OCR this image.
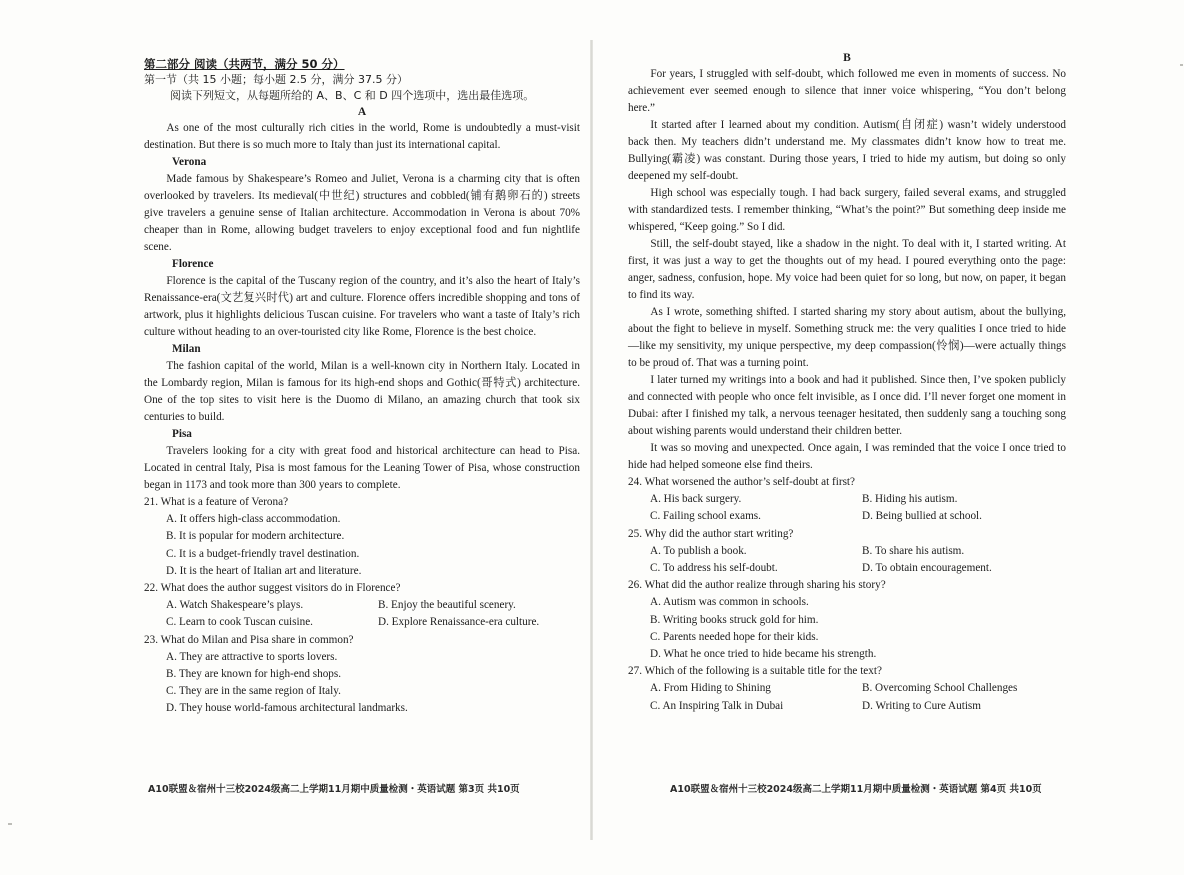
第二部分 阅读（共两节，满分 50 分）
第一节（共 15 小题；每小题 2.5 分，满分 37.5 分）
阅读下列短文，从每题所给的 A、B、C 和 D 四个选项中，选出最佳选项。
A

As one of the most culturally rich cities in the world, Rome is undoubtedly a must-visit destination. But there is so much more to Italy than just its international capital.

Verona

Made famous by Shakespeare’s Romeo and Juliet, Verona is a charming city that is often overlooked by travelers. Its medieval(中世纪) structures and cobbled(铺有鹅卵石的) streets give travelers a genuine sense of Italian architecture. Accommodation in Verona is about 70% cheaper than in Rome, allowing budget travelers to enjoy exceptional food and fun nightlife scene.

Florence

Florence is the capital of the Tuscany region of the country, and it’s also the heart of Italy’s Renaissance-era(文艺复兴时代) art and culture. Florence offers incredible shopping and tons of artwork, plus it highlights delicious Tuscan cuisine. For travelers who want a taste of Italy’s rich culture without heading to an over-touristed city like Rome, Florence is the best choice.

Milan

The fashion capital of the world, Milan is a well-known city in Northern Italy. Located in the Lombardy region, Milan is famous for its high-end shops and Gothic(哥特式) architecture. One of the top sites to visit here is the Duomo di Milano, an amazing church that took six centuries to build.

Pisa

Travelers looking for a city with great food and historical architecture can head to Pisa. Located in central Italy, Pisa is most famous for the Leaning Tower of Pisa, whose construction began in 1173 and took more than 300 years to complete.

21. What is a feature of Verona?
A. It offers high-class accommodation.
B. It is popular for modern architecture.
C. It is a budget-friendly travel destination.
D. It is the heart of Italian art and literature.
22. What does the author suggest visitors do in Florence?
A. Watch Shakespeare’s plays.	B. Enjoy the beautiful scenery.
C. Learn to cook Tuscan cuisine.	D. Explore Renaissance-era culture.
23. What do Milan and Pisa share in common?
A. They are attractive to sports lovers.
B. They are known for high-end shops.
C. They are in the same region of Italy.
D. They house world-famous architectural landmarks.
A10联盟＆宿州十三校2024级高二上学期11月期中质量检测・英语试题 第3页 共10页
B

For years, I struggled with self-doubt, which followed me even in moments of success. No achievement ever seemed enough to silence that inner voice whispering, “You don’t belong here.”

It started after I learned about my condition. Autism(自闭症) wasn’t widely understood back then. My teachers didn’t understand me. My classmates didn’t know how to treat me. Bullying(霸凌) was constant. During those years, I tried to hide my autism, but doing so only deepened my self-doubt.

High school was especially tough. I had back surgery, failed several exams, and struggled with standardized tests. I remember thinking, “What’s the point?” But something deep inside me whispered, “Keep going.” So I did.

Still, the self-doubt stayed, like a shadow in the night. To deal with it, I started writing. At first, it was just a way to get the thoughts out of my head. I poured everything onto the page: anger, sadness, confusion, hope. My voice had been quiet for so long, but now, on paper, it began to find its way.

As I wrote, something shifted. I started sharing my story about autism, about the bullying, about the fight to believe in myself. Something struck me: the very qualities I once tried to hide—like my sensitivity, my unique perspective, my deep compassion(怜悯)—were actually things to be proud of. That was a turning point.

I later turned my writings into a book and had it published. Since then, I’ve spoken publicly and connected with people who once felt invisible, as I once did. I’ll never forget one moment in Dubai: after I finished my talk, a nervous teenager hesitated, then suddenly sang a touching song about wishing parents would understand their children better.

It was so moving and unexpected. Once again, I was reminded that the voice I once tried to hide had helped someone else find theirs.

24. What worsened the author’s self-doubt at first?
A. His back surgery.	B. Hiding his autism.
C. Failing school exams.	D. Being bullied at school.
25. Why did the author start writing?
A. To publish a book.	B. To share his autism.
C. To address his self-doubt.	D. To obtain encouragement.
26. What did the author realize through sharing his story?
A. Autism was common in schools.
B. Writing books struck gold for him.
C. Parents needed hope for their kids.
D. What he once tried to hide became his strength.
27. Which of the following is a suitable title for the text?
A. From Hiding to Shining	B. Overcoming School Challenges
C. An Inspiring Talk in Dubai	D. Writing to Cure Autism
A10联盟＆宿州十三校2024级高二上学期11月期中质量检测・英语试题 第4页 共10页
